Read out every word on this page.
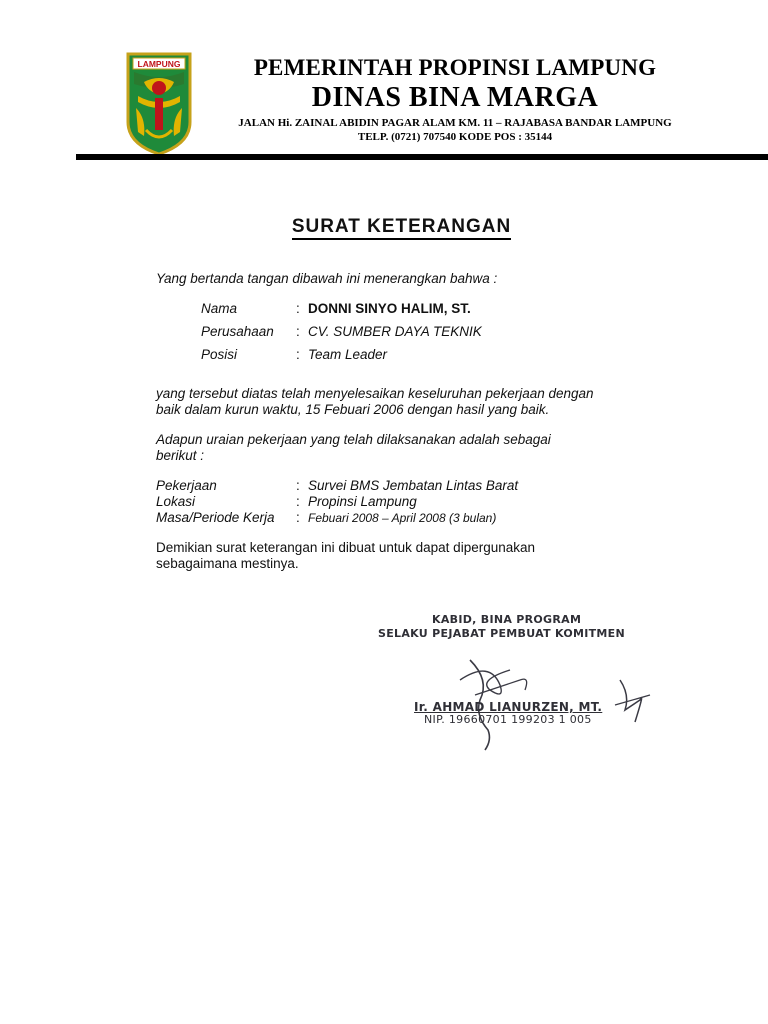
LAMPUNG	PEMERINTAH PROPINSI LAMPUNG
DINAS BINA MARGA
JALAN Hi. ZAINAL ABIDIN PAGAR ALAM KM. 11 – RAJABASA BANDAR LAMPUNG
TELP. (0721) 707540 KODE POS : 35144
SURAT KETERANGAN
Yang bertanda tangan dibawah ini menerangkan bahwa :
Nama	: DONNI SINYO HALIM, ST.
Perusahaan : CV. SUMBER DAYA TEKNIK
Posisi	: Team Leader
yang tersebut diatas telah menyelesaikan keseluruhan pekerjaan dengan
baik dalam kurun waktu, 15 Febuari 2006 dengan hasil yang baik.
Adapun uraian pekerjaan yang telah dilaksanakan adalah sebagai
berikut :
Pekerjaan	: Survei BMS Jembatan Lintas Barat
Lokasi	: Propinsi Lampung
Masa/Periode Kerja : Febuari 2008 – April 2008 (3 bulan)
Demikian surat keterangan ini dibuat untuk dapat dipergunakan
sebagaimana mestinya.
KABID, BINA PROGRAM
SELAKU PEJABAT PEMBUAT KOMITMEN
Ir. AHMAD LIANURZEN, MT.
NIP. 19660701 199203 1 005
